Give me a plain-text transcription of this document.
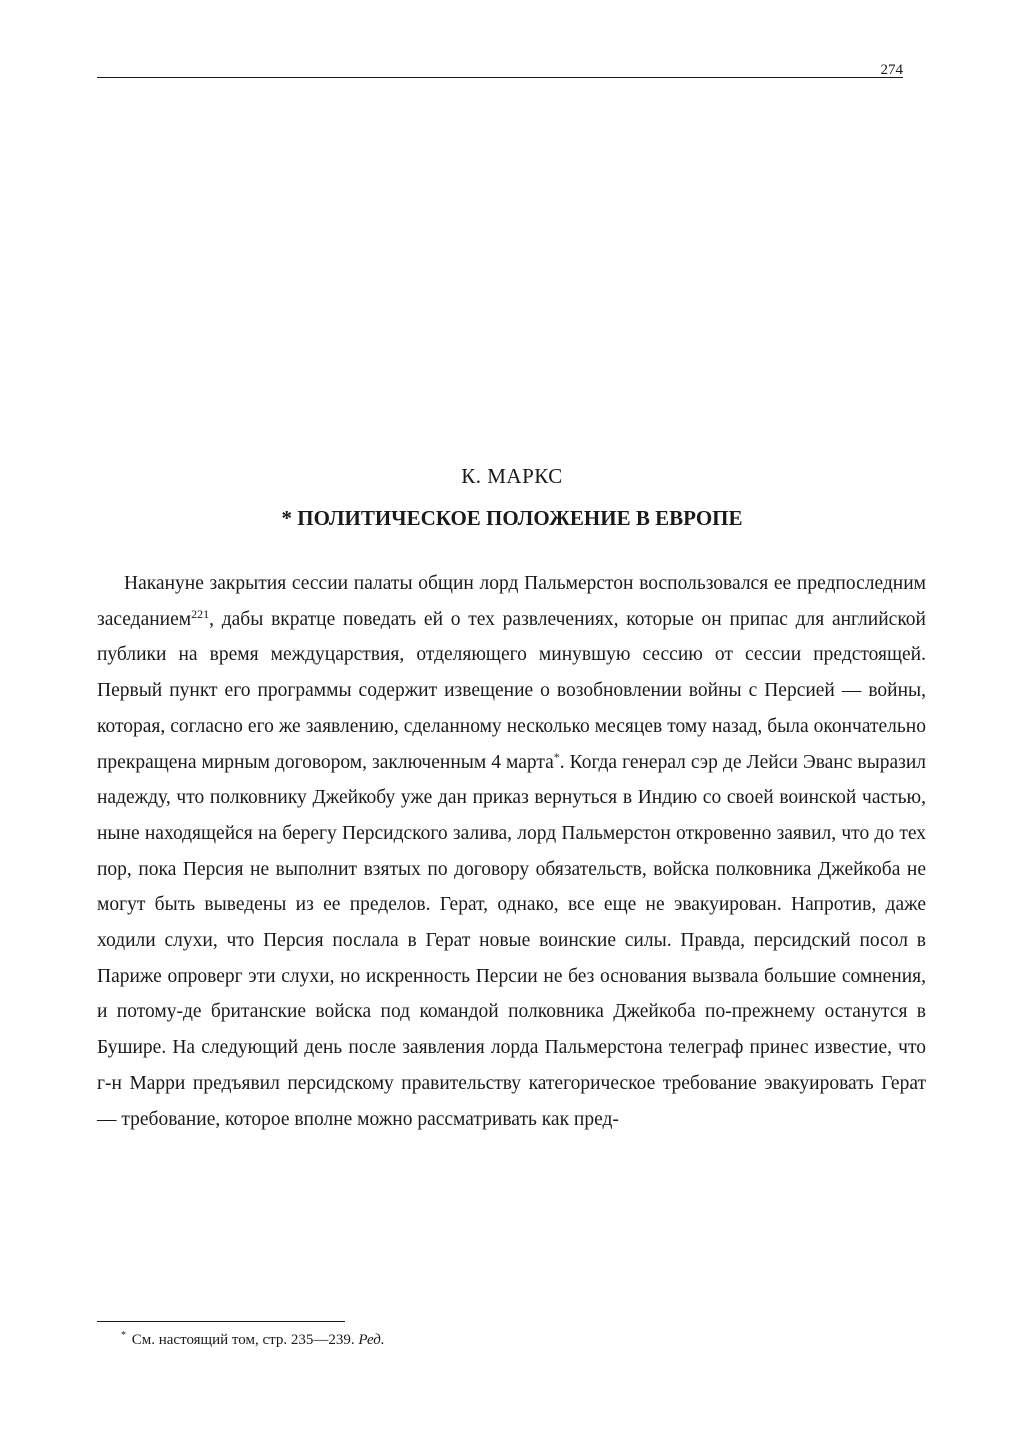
274
К. МАРКС
* ПОЛИТИЧЕСКОЕ ПОЛОЖЕНИЕ В ЕВРОПЕ

Накануне закрытия сессии палаты общин лорд Пальмерстон воспользовался ее предпоследним заседанием$^{221}$, дабы вкратце поведать ей о тех развлечениях, которые он припас для английской публики на время междуцарствия, отделяющего минувшую сессию от сессии предстоящей. Первый пункт его программы содержит извещение о возобновлении войны с Персией — войны, которая, согласно его же заявлению, сделанному несколько месяцев тому назад, была окончательно прекращена мирным договором, заключенным 4 марта*. Когда генерал сэр де Лейси Эванс выразил надежду, что полковнику Джейкобу уже дан приказ вернуться в Индию со своей воинской частью, ныне находящейся на берегу Персидского залива, лорд Пальмерстон откровенно заявил, что до тех пор, пока Персия не выполнит взятых по договору обязательств, войска полковника Джейкоба не могут быть выведены из ее пределов. Герат, однако, все еще не эвакуирован. Напротив, даже ходили слухи, что Персия послала в Герат новые воинские силы. Правда, персидский посол в Париже опроверг эти слухи, но искренность Персии не без основания вызвала большие сомнения, и потому-де британские войска под командой полковника Джейкоба по-прежнему останутся в Бушире. На следующий день после заявления лорда Пальмерстона телеграф принес известие, что г-н Марри предъявил персидскому правительству категорическое требование эвакуировать Герат — требование, которое вполне можно рассматривать как пред-

* См. настоящий том, стр. 235—239. Ред.
